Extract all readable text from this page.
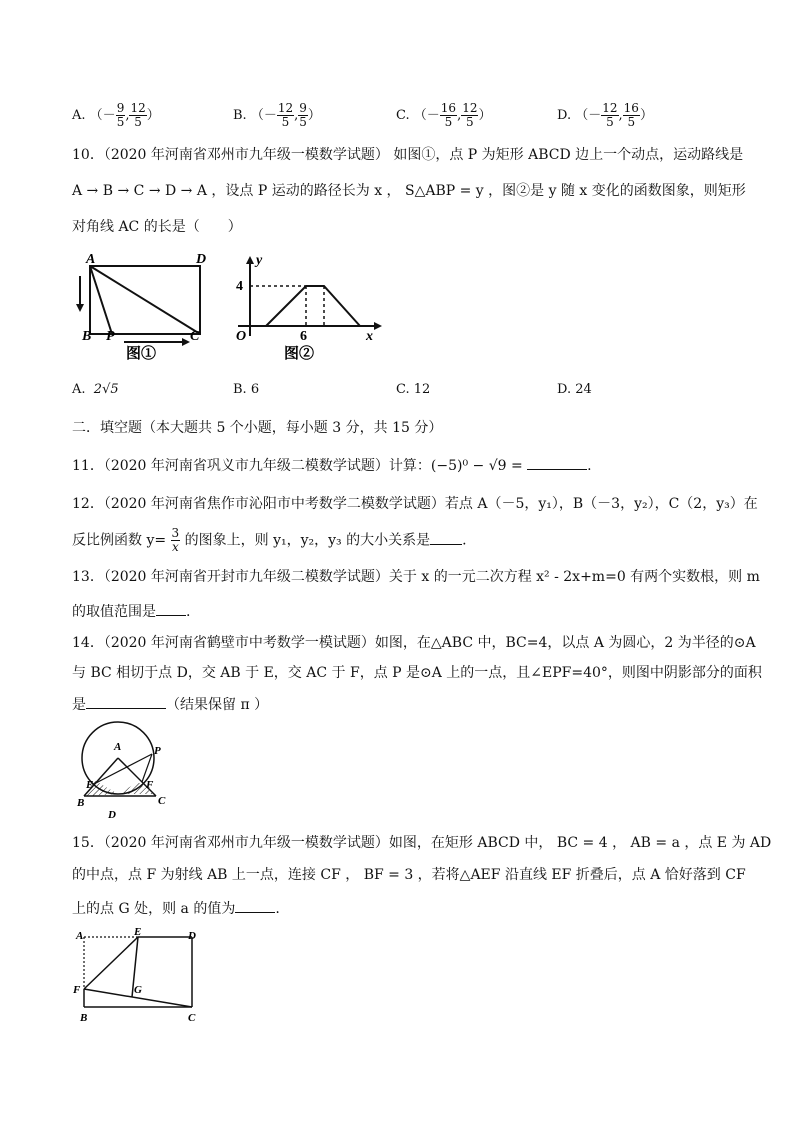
A. （－ $\frac{9}{5}$ , $\frac{12}{5}$ ）	B. （－ $\frac{12}{5}$ , $\frac{9}{5}$ ）	C. （－ $\frac{16}{5}$ , $\frac{12}{5}$ ）	D. （－ $\frac{12}{5}$ , $\frac{16}{5}$ ）
10．（2020 年河南省邓州市九年级一模数学试题） 如图①，点 P 为矩形 ABCD 边上一个动点，运动路线是
A → B → C → D → A ，设点 P 运动的路径长为 x ， S△ABP = y ，图②是 y 随 x 变化的函数图象，则矩形
对角线 AC 的长是（　　）
A	D
B P	C
图①
y
4
O	6	x
图②
A. 2√5	B. 6	C. 12	D. 24
二．填空题（本大题共 5 个小题，每小题 3 分，共 15 分）
11．（2020 年河南省巩义市九年级二模数学试题）计算：(−5)⁰ − √9 =	.
12．（2020 年河南省焦作市沁阳市中考数学二模数学试题）若点 A（－5，y₁），B（－3，y₂），C（2，y₃）在
反比例函数 $y= \frac{3}{x}$ 的图象上，则 y₁，y₂，y₃ 的大小关系是 .
13．（2020 年河南省开封市九年级二模数学试题）关于 x 的一元二次方程 x² - 2x+m=0 有两个实数根，则 m
的取值范围是 .
14．（2020 年河南省鹤壁市中考数学一模试题）如图，在△ABC 中，BC=4，以点 A 为圆心，2 为半径的⊙A
与 BC 相切于点 D，交 AB 于 E，交 AC 于 F，点 P 是⊙A 上的一点，且∠EPF=40°，则图中阴影部分的面积
是	（结果保留 π ）
A	P
E	F
B	C
D
15．（2020 年河南省邓州市九年级一模数学试题）如图，在矩形 ABCD 中， BC = 4 ， AB = a ，点 E 为 AD
的中点，点 F 为射线 AB 上一点，连接 CF ， BF = 3 ，若将△AEF 沿直线 EF 折叠后，点 A 恰好落到 CF
上的点 G 处，则 a 的值为	.
A	E	D
F	G
B	C
